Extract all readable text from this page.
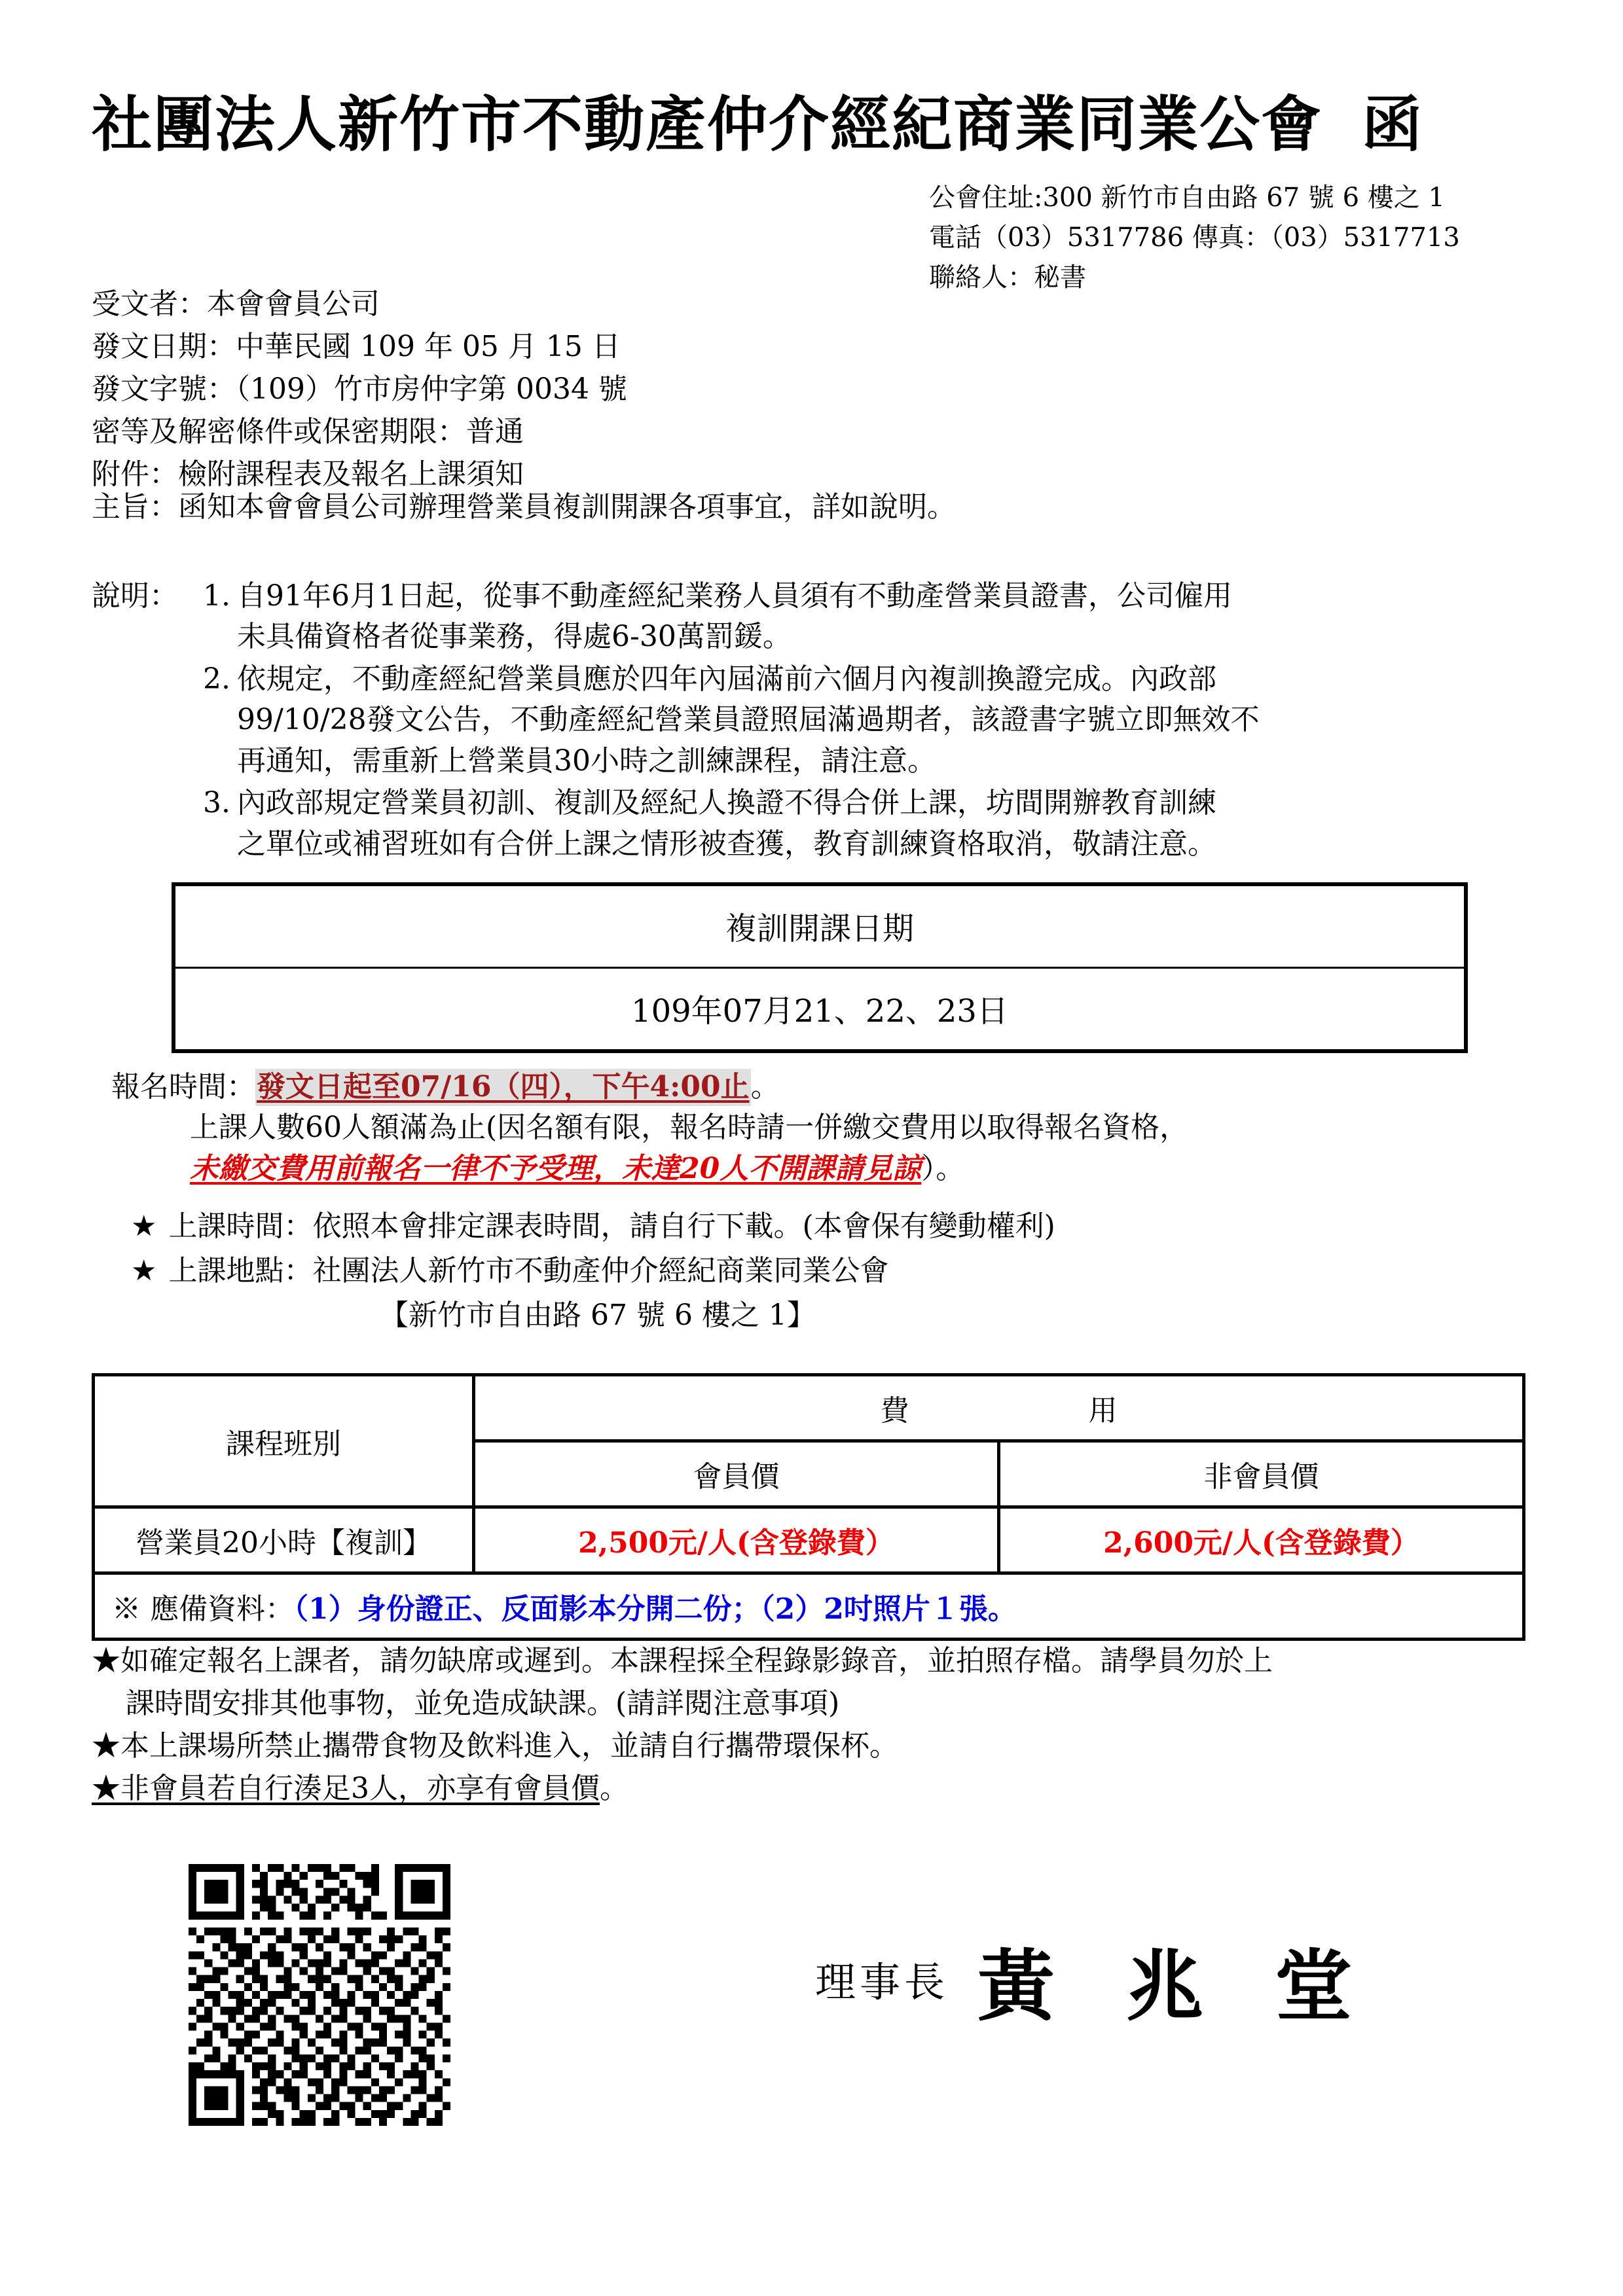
社團法人新竹市不動產仲介經紀商業同業公會 函
公會住址:300 新竹市自由路 67 號 6 樓之 1
電話（03）5317786 傳真：（03）5317713
聯絡人：秘書
受文者：本會會員公司
發文日期：中華民國 109 年 05 月 15 日
發文字號：（109）竹市房仲字第 0034 號
密等及解密條件或保密期限：普通
附件：檢附課程表及報名上課須知
主旨：函知本會會員公司辦理營業員複訓開課各項事宜，詳如說明。
說明： 1. 自91年6月1日起，從事不動產經紀業務人員須有不動產營業員證書，公司僱用
未具備資格者從事業務，得處6-30萬罰鍰。
2. 依規定，不動產經紀營業員應於四年內屆滿前六個月內複訓換證完成。內政部
99/10/28發文公告，不動產經紀營業員證照屆滿過期者，該證書字號立即無效不
再通知，需重新上營業員30小時之訓練課程，請注意。
3. 內政部規定營業員初訓、複訓及經紀人換證不得合併上課，坊間開辦教育訓練
之單位或補習班如有合併上課之情形被查獲，教育訓練資格取消，敬請注意。
複訓開課日期
109年07月21、22、23日
報名時間：發文日起至07/16（四），下午4:00止。
上課人數60人額滿為止(因名額有限，報名時請一併繳交費用以取得報名資格，
未繳交費用前報名一律不予受理，未達20人不開課請見諒）。
★ 上課時間：依照本會排定課表時間，請自行下載。(本會保有變動權利)
★ 上課地點：社團法人新竹市不動產仲介經紀商業同業公會
【新竹市自由路 67 號 6 樓之 1】
課程班別	費 用	
	會員價	非會員價
營業員20小時【複訓】	2,500元/人(含登錄費）	2,600元/人(含登錄費）
※ 應備資料：（1）身份證正、反面影本分開二份；（2）2吋照片１張。		
★如確定報名上課者，請勿缺席或遲到。本課程採全程錄影錄音，並拍照存檔。請學員勿於上
課時間安排其他事物，並免造成缺課。(請詳閱注意事項)
★本上課場所禁止攜帶食物及飲料進入，並請自行攜帶環保杯。
★非會員若自行湊足3人，亦享有會員價。
理事長 黃 兆 堂
